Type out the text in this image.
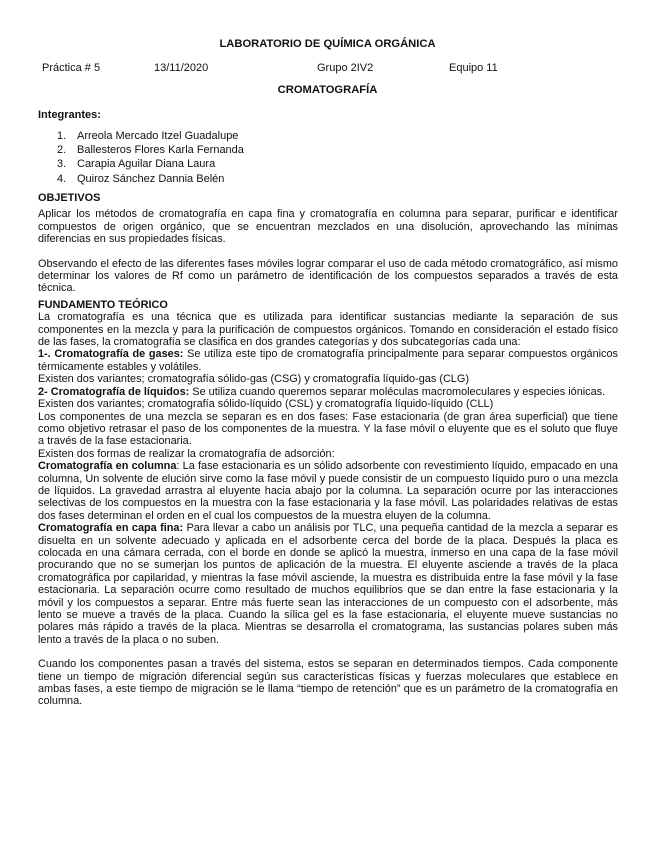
LABORATORIO DE QUÍMICA ORGÁNICA
Práctica # 5	13/11/2020	Grupo 2IV2	Equipo 11
CROMATOGRAFÍA
Integrantes:
1. Arreola Mercado Itzel Guadalupe
2. Ballesteros Flores Karla Fernanda
3. Carapia Aguilar Diana Laura
4. Quiroz Sánchez Dannia Belén

OBJETIVOS

Aplicar los métodos de cromatografía en capa fina y cromatografía en columna para separar, purificar e identificar compuestos de origen orgánico, que se encuentran mezclados en una disolución, aprovechando las mínimas diferencias en sus propiedades físicas.

Observando el efecto de las diferentes fases móviles lograr comparar el uso de cada método cromatográfico, así mismo determinar los valores de Rf como un parámetro de identificación de los compuestos separados a través de esta técnica.

FUNDAMENTO TEÓRICO

La cromatografía es una técnica que es utilizada para identificar sustancias mediante la separación de sus componentes en la mezcla y para la purificación de compuestos orgánicos. Tomando en consideración el estado físico de las fases, la cromatografía se clasifica en dos grandes categorías y dos subcategorías cada una:

1-. Cromatografía de gases: Se utiliza este tipo de cromatografía principalmente para separar compuestos orgánicos térmicamente estables y volátiles.

Existen dos variantes; cromatografía sólido-gas (CSG) y cromatografía líquido-gas (CLG)

2- Cromatografía de líquidos: Se utiliza cuando queremos separar moléculas macromoleculares y especies iónicas.

Existen dos variantes; cromatografía sólido-líquido (CSL) y cromatografía líquido-líquido (CLL)

Los componentes de una mezcla se separan es en dos fases: Fase estacionaria (de gran área superficial) que tiene como objetivo retrasar el paso de los componentes de la muestra. Y la fase móvil o eluyente que es el soluto que fluye a través de la fase estacionaria.

Existen dos formas de realizar la cromatografía de adsorción:

Cromatografía en columna: La fase estacionaria es un sólido adsorbente con revestimiento líquido, empacado en una columna, Un solvente de elución sirve como la fase móvil y puede consistir de un compuesto líquido puro o una mezcla de líquidos. La gravedad arrastra al eluyente hacia abajo por la columna. La separación ocurre por las interacciones selectivas de los compuestos en la muestra con la fase estacionaria y la fase móvil. Las polaridades relativas de estas dos fases determinan el orden en el cual los compuestos de la muestra eluyen de la columna.

Cromatografía en capa fina: Para llevar a cabo un análisis por TLC, una pequeña cantidad de la mezcla a separar es disuelta en un solvente adecuado y aplicada en el adsorbente cerca del borde de la placa. Después la placa es colocada en una cámara cerrada, con el borde en donde se aplicó la muestra, inmerso en una capa de la fase móvil procurando que no se sumerjan los puntos de aplicación de la muestra. El eluyente asciende a través de la placa cromatográfica por capilaridad, y mientras la fase móvil asciende, la muestra es distribuida entre la fase móvil y la fase estacionaria. La separación ocurre como resultado de muchos equilibrios que se dan entre la fase estacionaria y la móvil y los compuestos a separar. Entre más fuerte sean las interacciones de un compuesto con el adsorbente, más lento se mueve a través de la placa. Cuando la sílica gel es la fase estacionaria, el eluyente mueve sustancias no polares más rápido a través de la placa. Mientras se desarrolla el cromatograma, las sustancias polares suben más lento a través de la placa o no suben.

Cuando los componentes pasan a través del sistema, estos se separan en determinados tiempos. Cada componente tiene un tiempo de migración diferencial según sus características físicas y fuerzas moleculares que establece en ambas fases, a este tiempo de migración se le llama “tiempo de retención” que es un parámetro de la cromatografía en columna.
